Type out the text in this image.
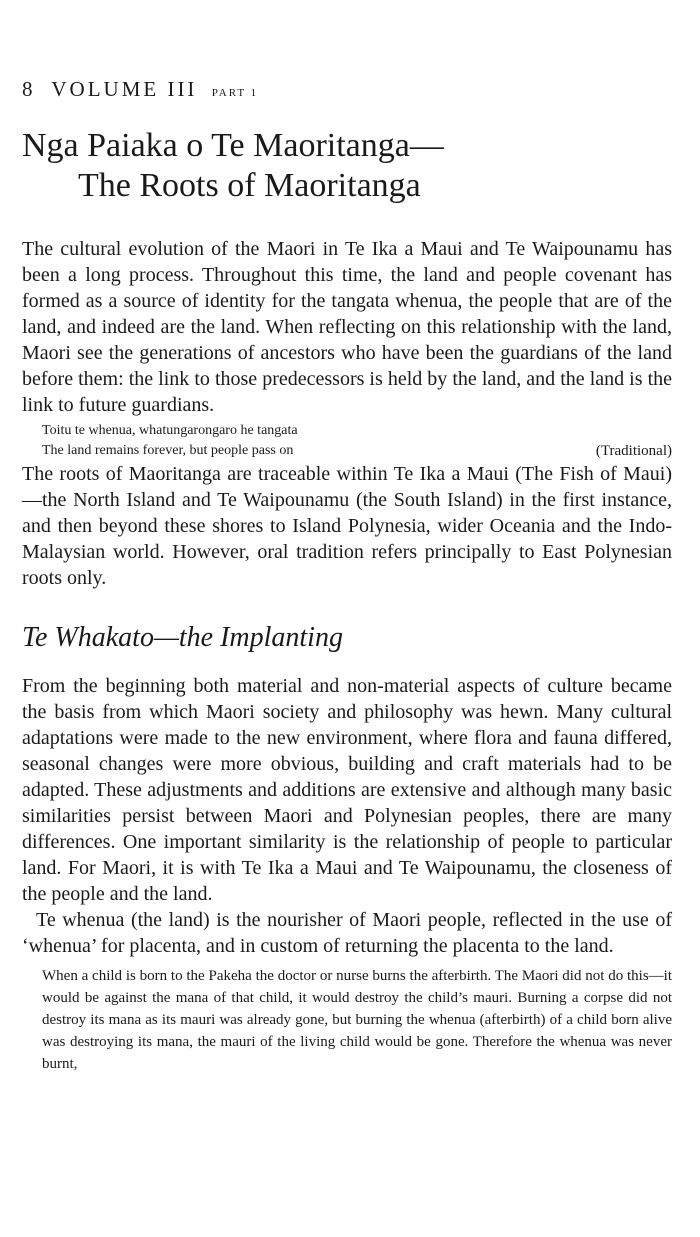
8 VOLUME III PART 1
Nga Paiaka o Te Maoritanga—
The Roots of Maoritanga

The cultural evolution of the Maori in Te Ika a Maui and Te Waipounamu has been a long process. Throughout this time, the land and people covenant has formed as a source of identity for the tangata whenua, the people that are of the land, and indeed are the land. When reflecting on this relationship with the land, Maori see the generations of ancestors who have been the guardians of the land before them: the link to those predecessors is held by the land, and the land is the link to future guardians.

Toitu te whenua, whatungarongaro he tangata
The land remains forever, but people pass on	(Traditional)

The roots of Maoritanga are traceable within Te Ika a Maui (The Fish of Maui)—the North Island and Te Waipounamu (the South Island) in the first instance, and then beyond these shores to Island Polynesia, wider Oceania and the Indo-Malaysian world. However, oral tradition refers principally to East Polynesian roots only.

Te Whakato—the Implanting

From the beginning both material and non-material aspects of culture became the basis from which Maori society and philosophy was hewn. Many cultural adaptations were made to the new environment, where flora and fauna differed, seasonal changes were more obvious, building and craft materials had to be adapted. These adjustments and additions are extensive and although many basic similarities persist between Maori and Polynesian peoples, there are many differences. One important similarity is the relationship of people to particular land. For Maori, it is with Te Ika a Maui and Te Waipounamu, the closeness of the people and the land.

Te whenua (the land) is the nourisher of Maori people, reflected in the use of ‘whenua’ for placenta, and in custom of returning the placenta to the land.

When a child is born to the Pakeha the doctor or nurse burns the afterbirth. The Maori did not do this—it would be against the mana of that child, it would destroy the child’s mauri. Burning a corpse did not destroy its mana as its mauri was already gone, but burning the whenua (afterbirth) of a child born alive was destroying its mana, the mauri of the living child would be gone. Therefore the whenua was never burnt,
